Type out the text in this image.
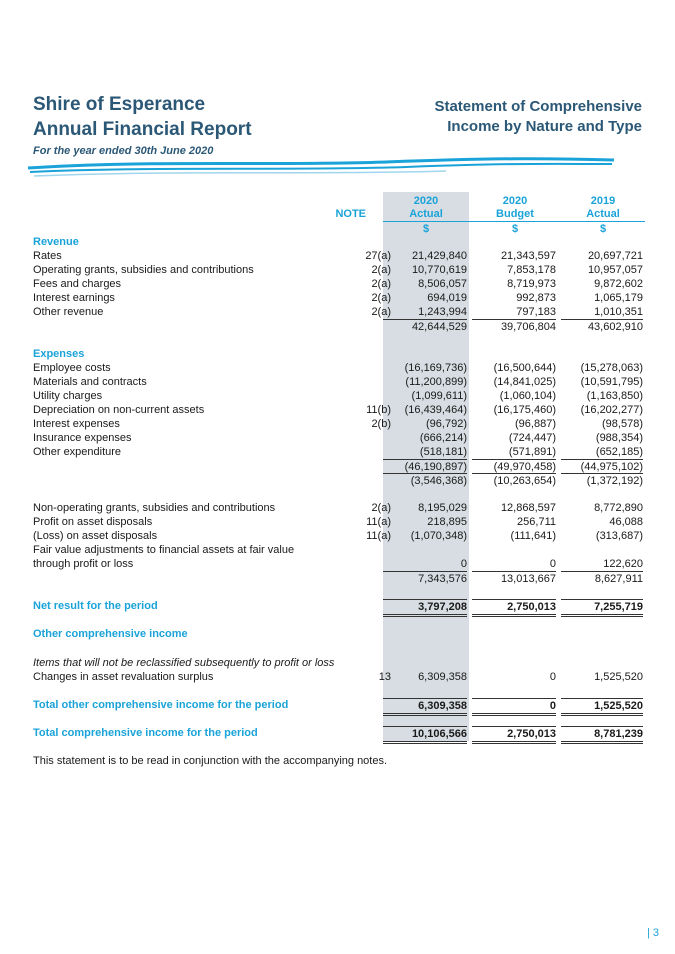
Shire of Esperance
Annual Financial Report
For the year ended 30th June 2020
Statement of Comprehensive
Income by Nature and Type
2020	2020	2019
NOTE	Actual	Budget	Actual
$	$	$
Revenue
Rates	27(a)	21,429,840	21,343,597	20,697,721
Operating grants, subsidies and contributions	2(a)	10,770,619	7,853,178	10,957,057
Fees and charges	2(a)	8,506,057	8,719,973	9,872,602
Interest earnings	2(a)	694,019	992,873	1,065,179
Other revenue	2(a)	1,243,994	797,183	1,010,351
42,644,529	39,706,804	43,602,910
Expenses
Employee costs	(16,169,736)	(16,500,644)	(15,278,063)
Materials and contracts	(11,200,899)	(14,841,025)	(10,591,795)
Utility charges	(1,099,611)	(1,060,104)	(1,163,850)
Depreciation on non-current assets	11(b)	(16,439,464)	(16,175,460)	(16,202,277)
Interest expenses	2(b)	(96,792)	(96,887)	(98,578)
Insurance expenses	(666,214)	(724,447)	(988,354)
Other expenditure	(518,181)	(571,891)	(652,185)
(46,190,897)	(49,970,458)	(44,975,102)
(3,546,368)	(10,263,654)	(1,372,192)
Non-operating grants, subsidies and contributions	2(a)	8,195,029	12,868,597	8,772,890
Profit on asset disposals	11(a)	218,895	256,711	46,088
(Loss) on asset disposals	11(a)	(1,070,348)	(111,641)	(313,687)
Fair value adjustments to financial assets at fair value
through profit or loss	0	0	122,620
7,343,576	13,013,667	8,627,911
Net result for the period	3,797,208	2,750,013	7,255,719
Other comprehensive income
Items that will not be reclassified subsequently to profit or loss
Changes in asset revaluation surplus	13	6,309,358	0	1,525,520
Total other comprehensive income for the period	6,309,358	0	1,525,520
Total comprehensive income for the period	10,106,566	2,750,013	8,781,239
This statement is to be read in conjunction with the accompanying notes.
| 3
